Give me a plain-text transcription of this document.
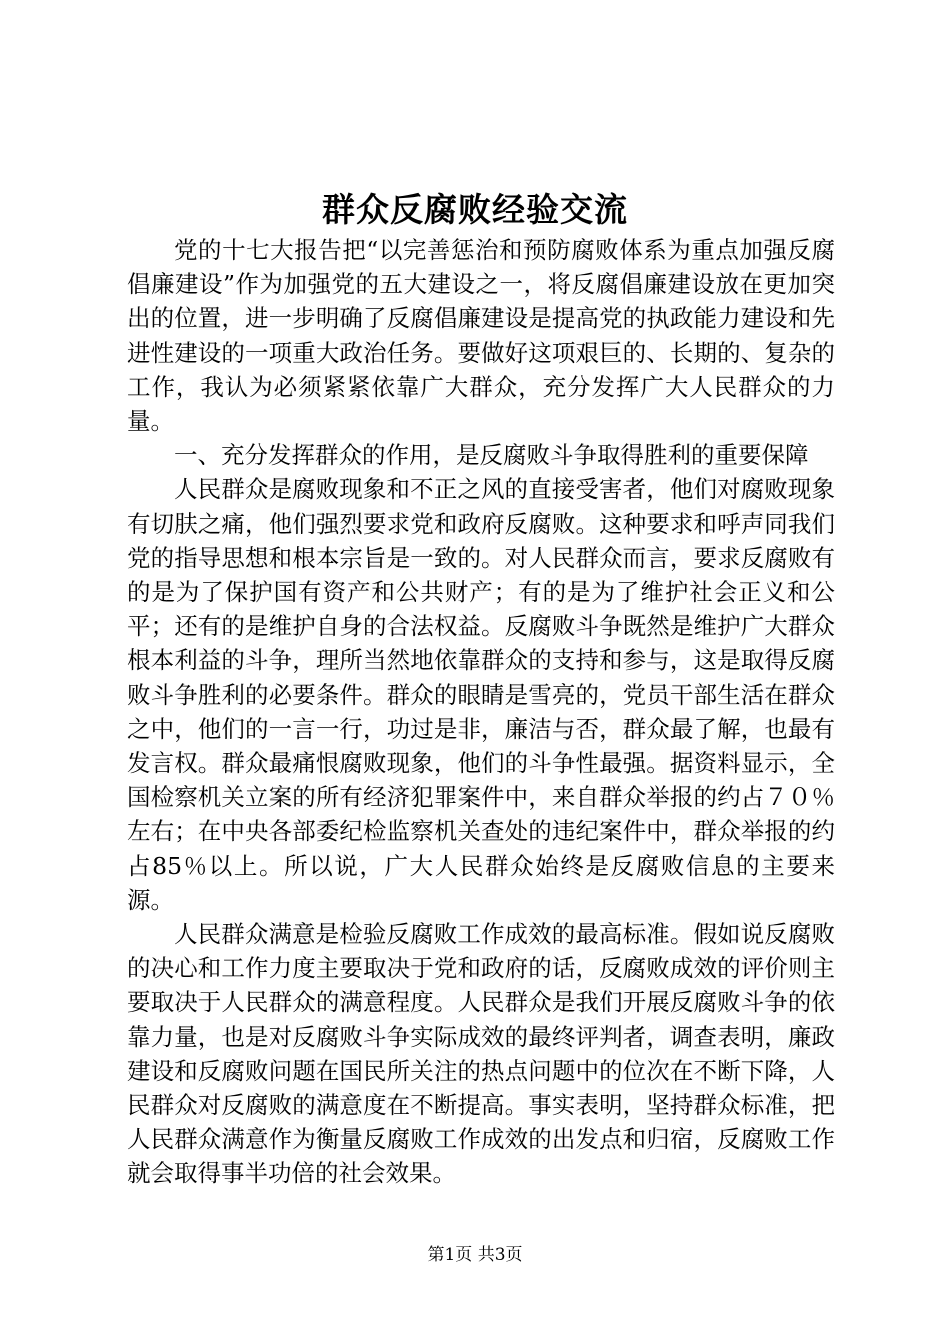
群众反腐败经验交流

党的十七大报告把“以完善惩治和预防腐败体系为重点加强反腐倡廉建设”作为加强党的五大建设之一，将反腐倡廉建设放在更加突出的位置，进一步明确了反腐倡廉建设是提高党的执政能力建设和先进性建设的一项重大政治任务。要做好这项艰巨的、长期的、复杂的工作，我认为必须紧紧依靠广大群众，充分发挥广大人民群众的力量。

一、充分发挥群众的作用，是反腐败斗争取得胜利的重要保障

人民群众是腐败现象和不正之风的直接受害者，他们对腐败现象有切肤之痛，他们强烈要求党和政府反腐败。这种要求和呼声同我们党的指导思想和根本宗旨是一致的。对人民群众而言，要求反腐败有的是为了保护国有资产和公共财产；有的是为了维护社会正义和公平；还有的是维护自身的合法权益。反腐败斗争既然是维护广大群众根本利益的斗争，理所当然地依靠群众的支持和参与，这是取得反腐败斗争胜利的必要条件。群众的眼睛是雪亮的，党员干部生活在群众之中，他们的一言一行，功过是非，廉洁与否，群众最了解，也最有发言权。群众最痛恨腐败现象，他们的斗争性最强。据资料显示，全国检察机关立案的所有经济犯罪案件中，来自群众举报的约占７０％左右；在中央各部委纪检监察机关查处的违纪案件中，群众举报的约占85％以上。所以说，广大人民群众始终是反腐败信息的主要来源。

人民群众满意是检验反腐败工作成效的最高标准。假如说反腐败的决心和工作力度主要取决于党和政府的话，反腐败成效的评价则主要取决于人民群众的满意程度。人民群众是我们开展反腐败斗争的依靠力量，也是对反腐败斗争实际成效的最终评判者，调查表明，廉政建设和反腐败问题在国民所关注的热点问题中的位次在不断下降，人民群众对反腐败的满意度在不断提高。事实表明，坚持群众标准，把人民群众满意作为衡量反腐败工作成效的出发点和归宿，反腐败工作就会取得事半功倍的社会效果。

第1页 共3页
